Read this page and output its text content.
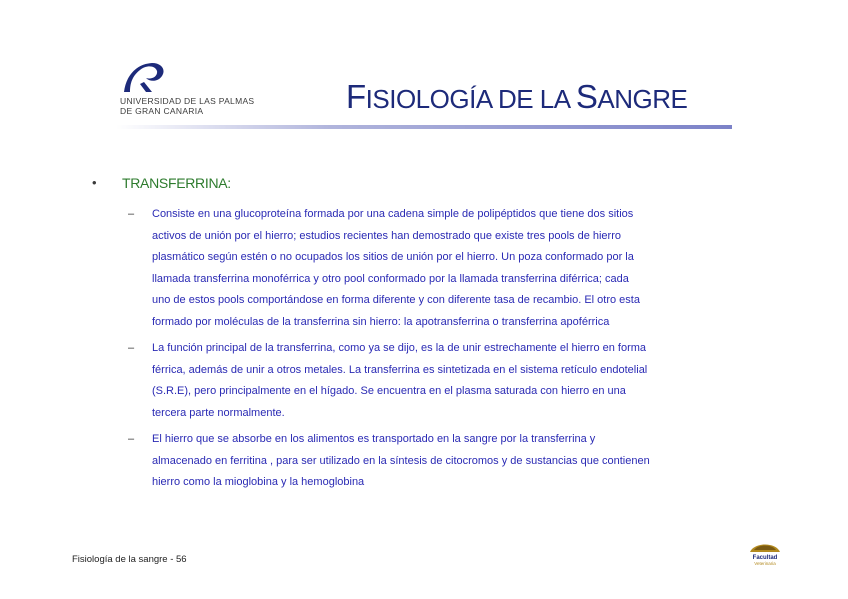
UNIVERSIDAD DE LAS PALMAS
DE GRAN CANARIA	FISIOLOGÍA DE LA SANGRE
• TRANSFERRINA:
– Consiste en una glucoproteína formada por una cadena simple de polipéptidos que tiene dos sitios
activos de unión por el hierro; estudios recientes han demostrado que existe tres pools de hierro
plasmático según estén o no ocupados los sitios de unión por el hierro. Un poza conformado por la
llamada transferrina monoférrica y otro pool conformado por la llamada transferrina diférrica; cada
uno de estos pools comportándose en forma diferente y con diferente tasa de recambio. El otro esta
formado por moléculas de la transferrina sin hierro: la apotransferrina o transferrina apoférrica
– La función principal de la transferrina, como ya se dijo, es la de unir estrechamente el hierro en forma
férrica, además de unir a otros metales. La transferrina es sintetizada en el sistema retículo endotelial
(S.R.E), pero principalmente en el hígado. Se encuentra en el plasma saturada con hierro en una
tercera parte normalmente.
– El hierro que se absorbe en los alimentos es transportado en la sangre por la transferrina y
almacenado en ferritina , para ser utilizado en la síntesis de citocromos y de sustancias que contienen
hierro como la mioglobina y la hemoglobina
Fisiología de la sangre - 56	Facultad
Veterinaria
